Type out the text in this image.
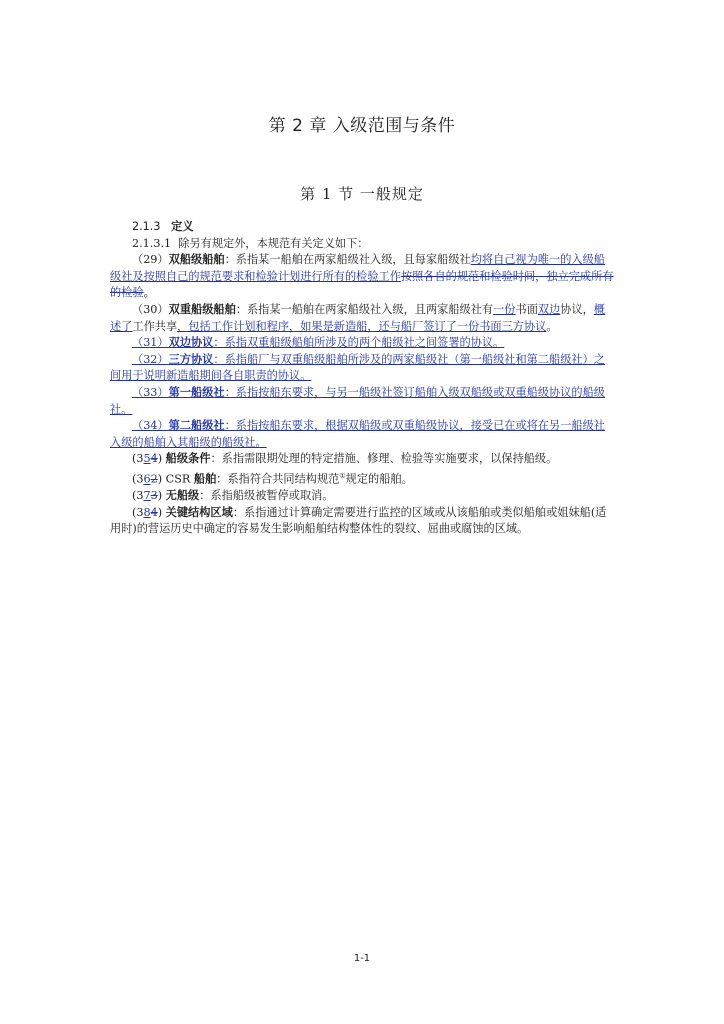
第 2 章 入级范围与条件
第 1 节 一般规定

2.1.3 定义

2.1.3.1 除另有规定外，本规范有关定义如下：

（29）双船级船舶：系指某一船舶在两家船级社入级，且每家船级社均将自己视为唯一的入级船级社及按照自己的规范要求和检验计划进行所有的检验工作按照各自的规范和检验时间，独立完成所有的检验。

（30）双重船级船舶：系指某一船舶在两家船级社入级，且两家船级社有一份书面双边协议，概述了工作共享，包括工作计划和程序，如果是新造船，还与船厂签订了一份书面三方协议。

（31）双边协议：系指双重船级船舶所涉及的两个船级社之间签署的协议。

（32）三方协议：系指船厂与双重船级船舶所涉及的两家船级社（第一船级社和第二船级社）之间用于说明新造船期间各自职责的协议。

（33）第一船级社：系指按船东要求，与另一船级社签订船舶入级双船级或双重船级协议的船级社。

（34）第二船级社：系指按船东要求，根据双船级或双重船级协议，接受已在或将在另一船级社入级的船舶入其船级的船级社。

(354) 船级条件：系指需限期处理的特定措施、修理、检验等实施要求，以保持船级。

(362) CSR 船舶：系指符合共同结构规范①规定的船舶。

(373) 无船级：系指船级被暂停或取消。

(384) 关键结构区域：系指通过计算确定需要进行监控的区域或从该船舶或类似船舶或姐妹船(适用时)的营运历史中确定的容易发生影响船舶结构整体性的裂纹、屈曲或腐蚀的区域。

1-1
